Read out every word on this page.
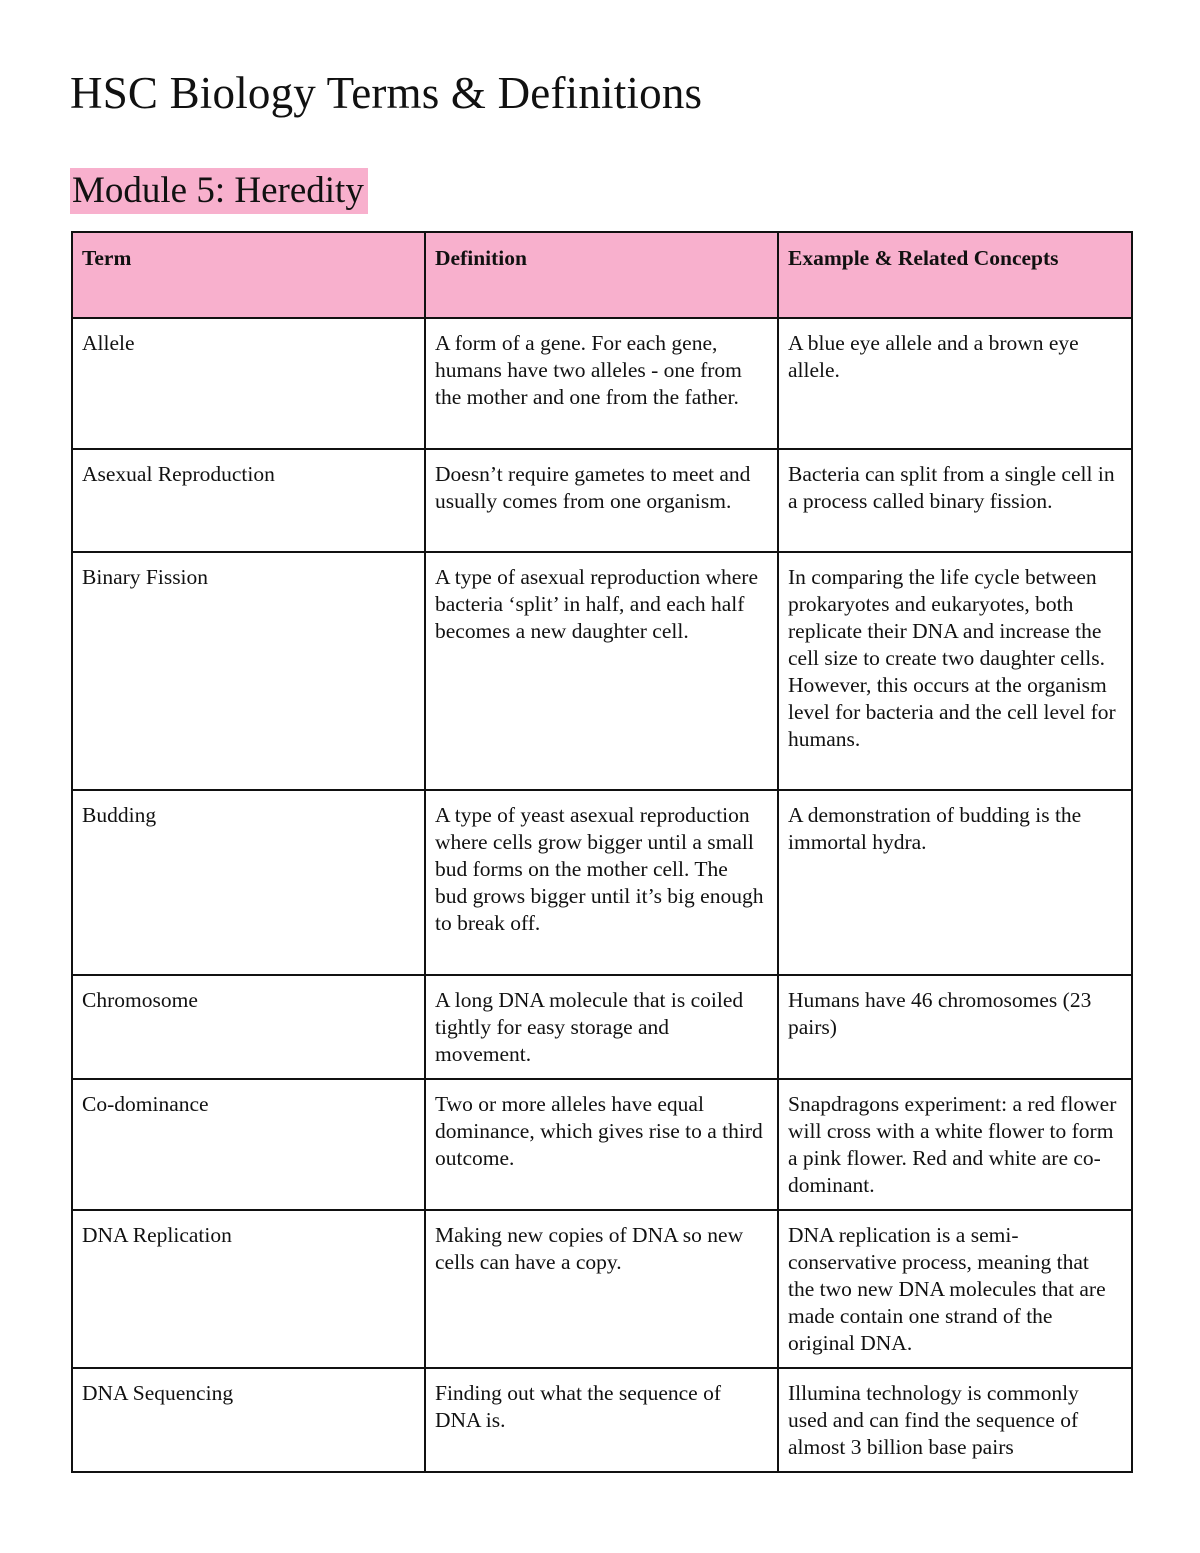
HSC Biology Terms & Definitions
Module 5: Heredity
Term	Definition	Example & Related Concepts
Allele	A form of a gene. For each gene, humans have two alleles - one from the mother and one from the father.	A blue eye allele and a brown eye allele.
Asexual Reproduction	Doesn’t require gametes to meet and usually comes from one organism.	Bacteria can split from a single cell in a process called binary fission.
Binary Fission	A type of asexual reproduction where bacteria ‘split’ in half, and each half becomes a new daughter cell.	In comparing the life cycle between prokaryotes and eukaryotes, both replicate their DNA and increase the cell size to create two daughter cells. However, this occurs at the organism level for bacteria and the cell level for humans.
Budding	A type of yeast asexual reproduction where cells grow bigger until a small bud forms on the mother cell. The bud grows bigger until it’s big enough to break off.	A demonstration of budding is the immortal hydra.
Chromosome	A long DNA molecule that is coiled tightly for easy storage and movement.	Humans have 46 chromosomes (23 pairs)
Co-dominance	Two or more alleles have equal dominance, which gives rise to a third outcome.	Snapdragons experiment: a red flower will cross with a white flower to form a pink flower. Red and white are co-dominant.
DNA Replication	Making new copies of DNA so new cells can have a copy.	DNA replication is a semi-conservative process, meaning that the two new DNA molecules that are made contain one strand of the original DNA.
DNA Sequencing	Finding out what the sequence of DNA is.	Illumina technology is commonly used and can find the sequence of almost 3 billion base pairs
